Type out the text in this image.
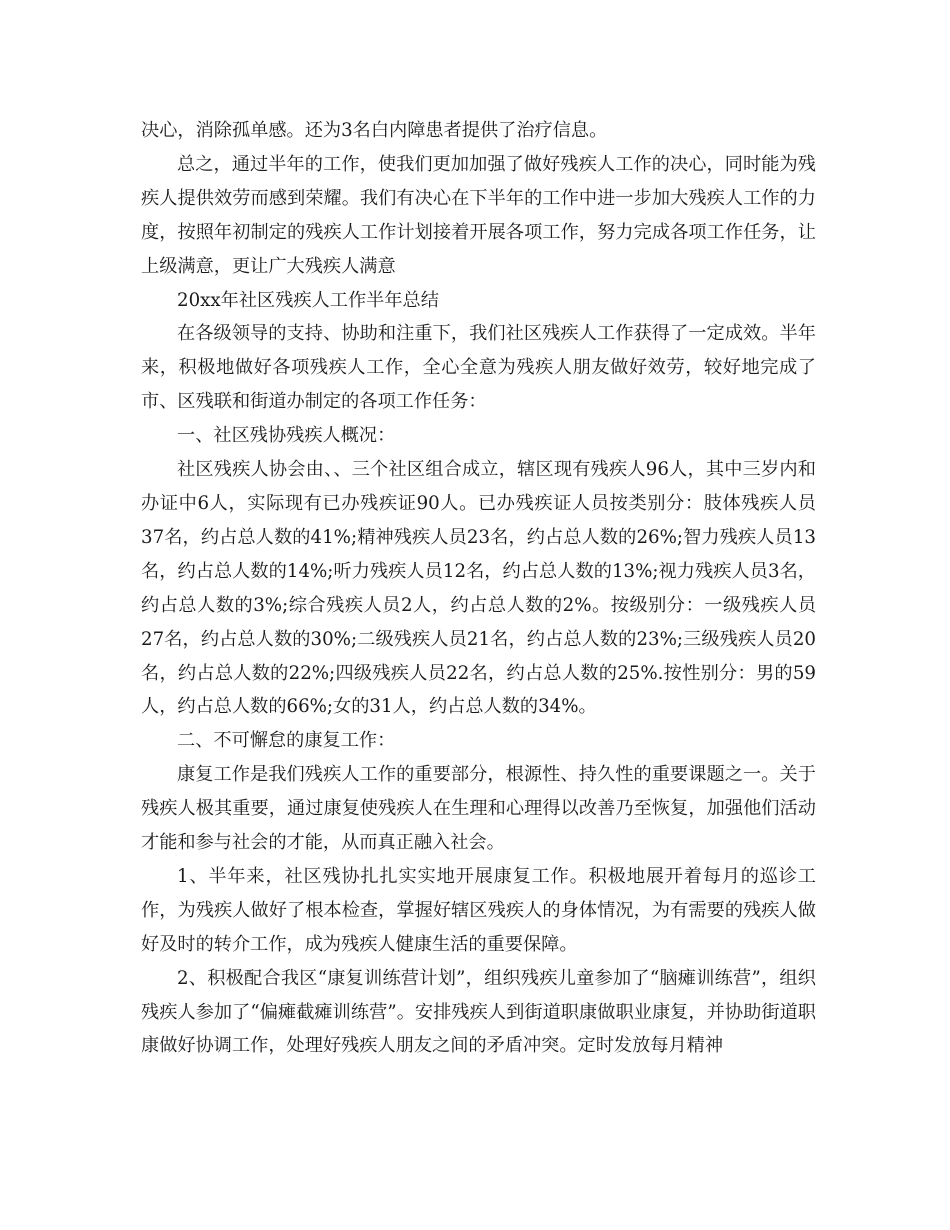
决心，消除孤单感。还为3名白内障患者提供了治疗信息。

总之，通过半年的工作，使我们更加加强了做好残疾人工作的决心，同时能为残疾人提供效劳而感到荣耀。我们有决心在下半年的工作中进一步加大残疾人工作的力度，按照年初制定的残疾人工作计划接着开展各项工作，努力完成各项工作任务，让上级满意，更让广大残疾人满意

20xx年社区残疾人工作半年总结

在各级领导的支持、协助和注重下，我们社区残疾人工作获得了一定成效。半年来，积极地做好各项残疾人工作，全心全意为残疾人朋友做好效劳，较好地完成了市、区残联和街道办制定的各项工作任务：

一、社区残协残疾人概况：

社区残疾人协会由、、三个社区组合成立，辖区现有残疾人96人，其中三岁内和办证中6人，实际现有已办残疾证90人。已办残疾证人员按类别分：肢体残疾人员37名，约占总人数的41%;精神残疾人员23名，约占总人数的26%;智力残疾人员13名，约占总人数的14%;听力残疾人员12名，约占总人数的13%;视力残疾人员3名，约占总人数的3%;综合残疾人员2人，约占总人数的2%。按级别分：一级残疾人员27名，约占总人数的30%;二级残疾人员21名，约占总人数的23%;三级残疾人员20名，约占总人数的22%;四级残疾人员22名，约占总人数的25%.按性别分：男的59人，约占总人数的66%;女的31人，约占总人数的34%。

二、不可懈怠的康复工作：

康复工作是我们残疾人工作的重要部分，根源性、持久性的重要课题之一。关于残疾人极其重要，通过康复使残疾人在生理和心理得以改善乃至恢复，加强他们活动才能和参与社会的才能，从而真正融入社会。

1、半年来，社区残协扎扎实实地开展康复工作。积极地展开着每月的巡诊工作，为残疾人做好了根本检查，掌握好辖区残疾人的身体情况，为有需要的残疾人做好及时的转介工作，成为残疾人健康生活的重要保障。

2、积极配合我区“康复训练营计划”，组织残疾儿童参加了“脑瘫训练营”，组织残疾人参加了“偏瘫截瘫训练营”。安排残疾人到街道职康做职业康复，并协助街道职康做好协调工作，处理好残疾人朋友之间的矛盾冲突。定时发放每月精神
